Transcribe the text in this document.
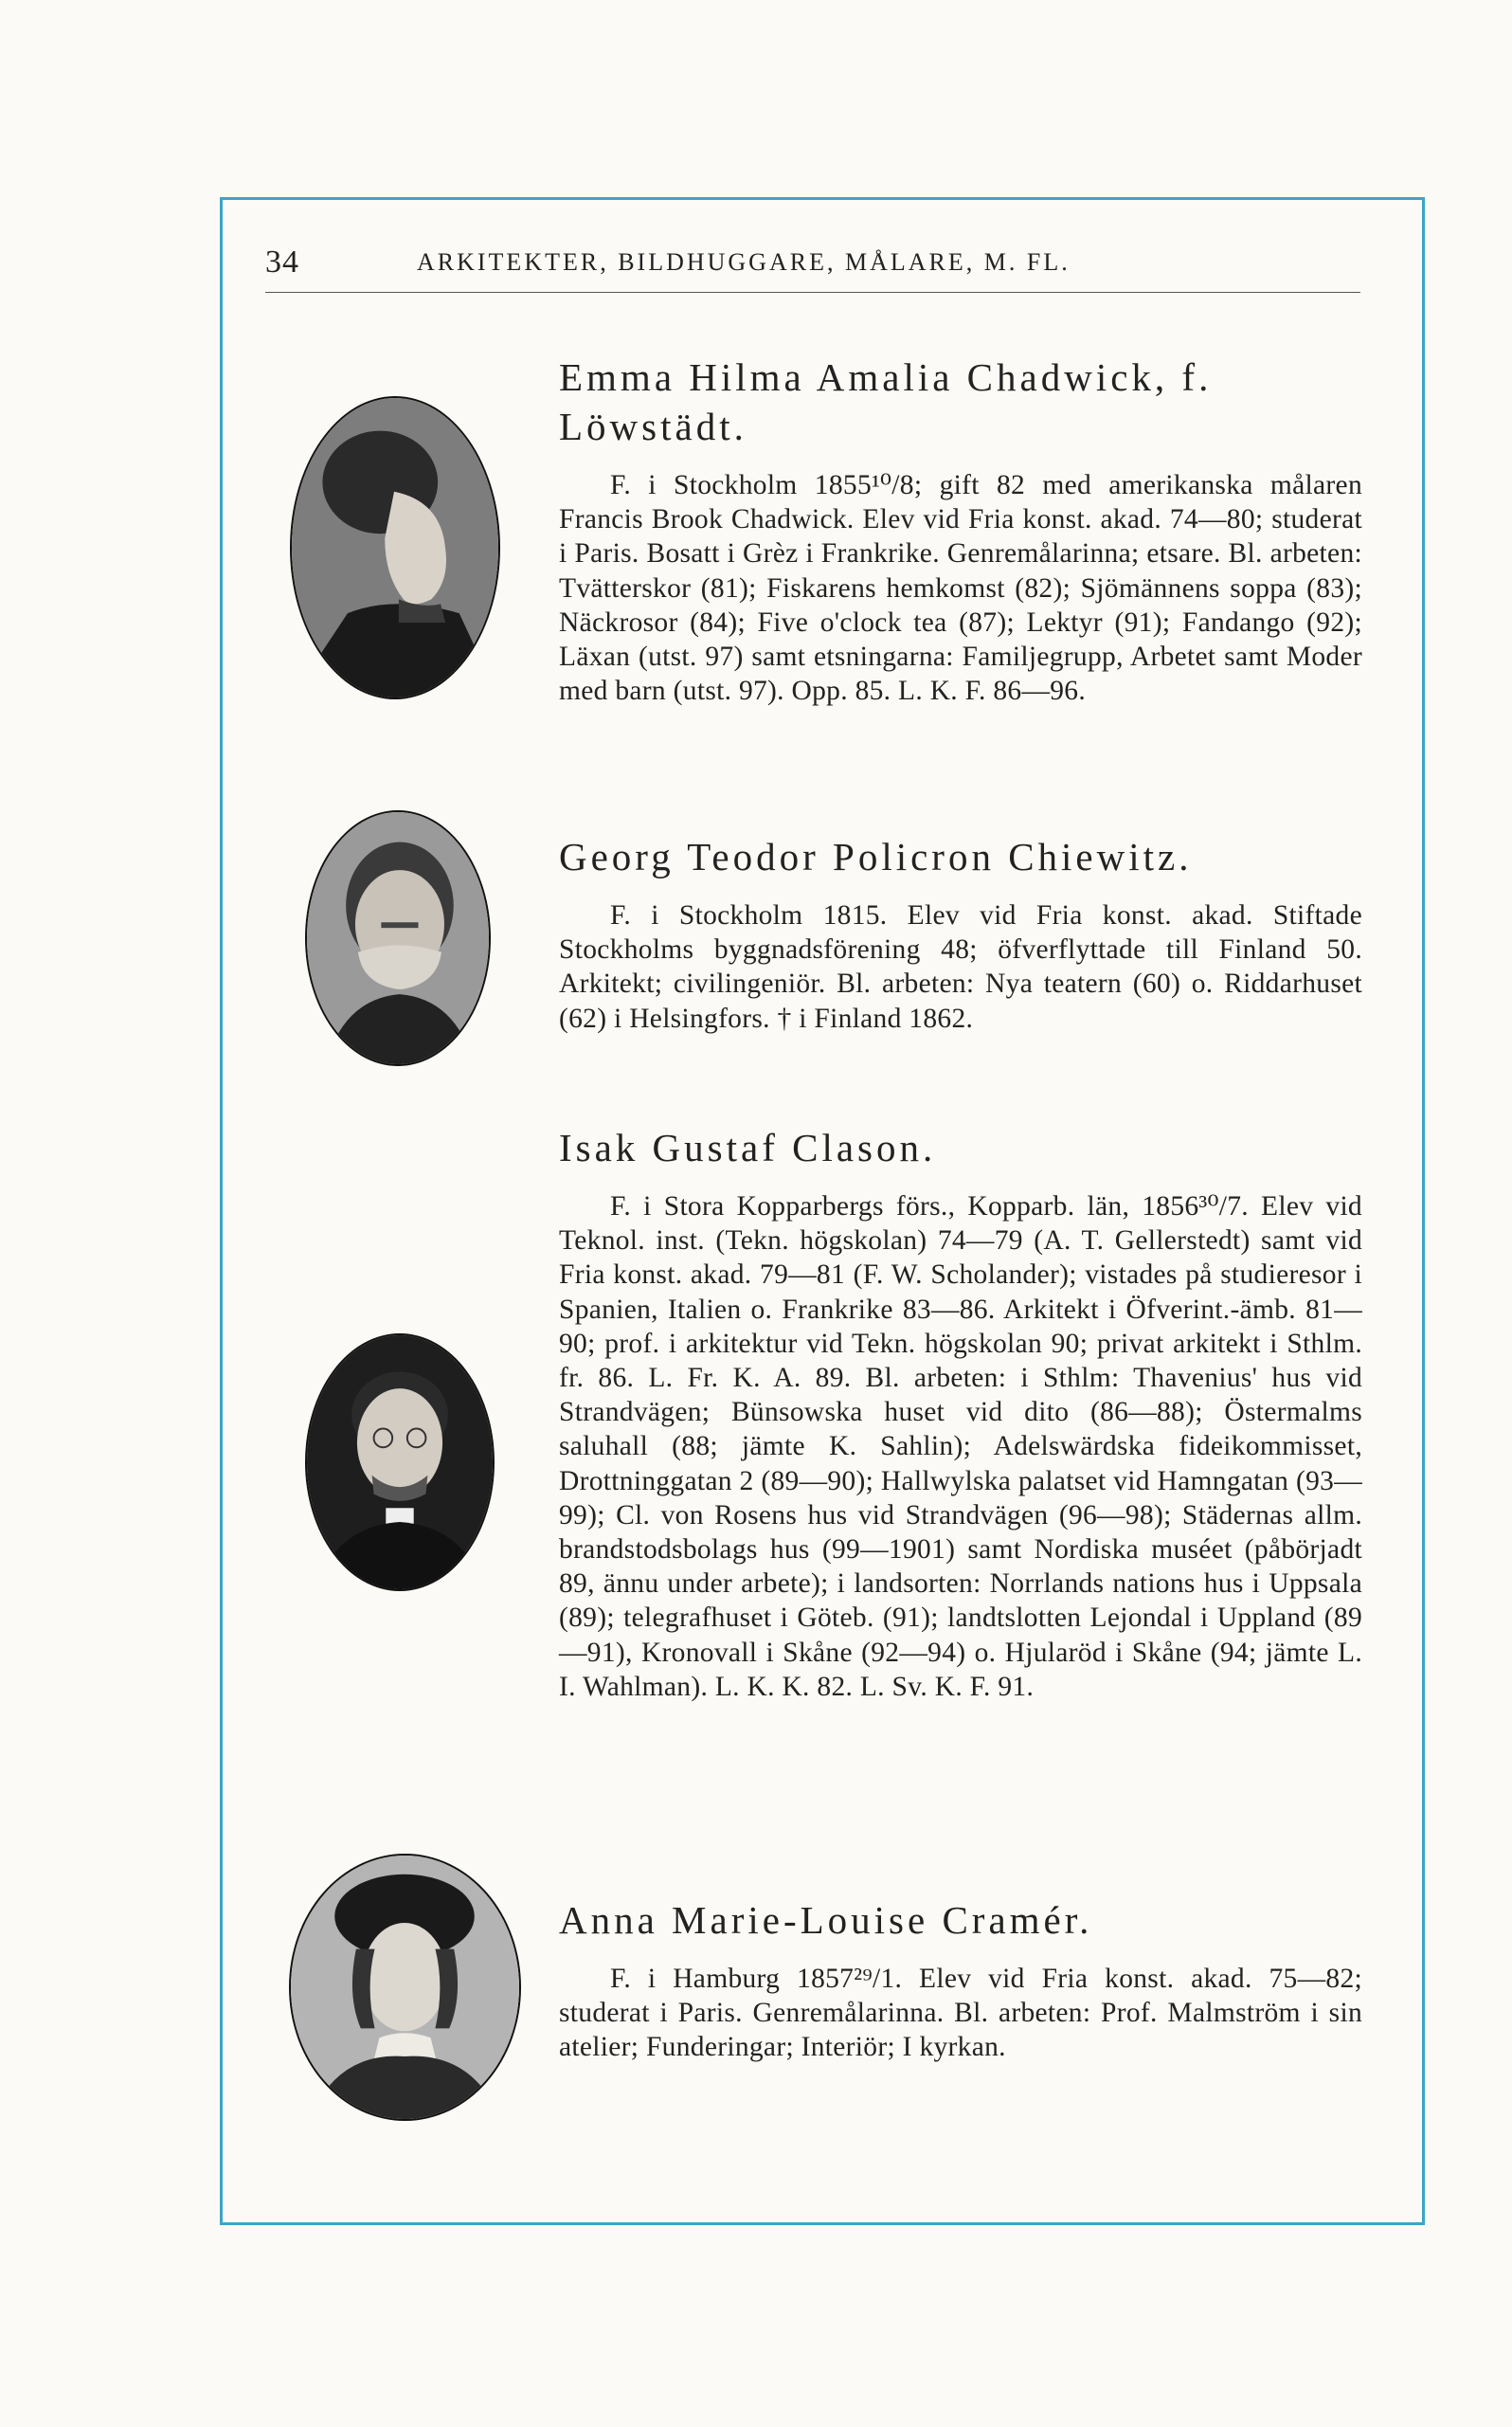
34	ARKITEKTER, BILDHUGGARE, MÅLARE, M. FL.
Emma Hilma Amalia Chadwick, f. Löwstädt.

F. i Stockholm 1855¹⁰/8; gift 82 med amerikanska målaren Francis Brook Chadwick. Elev vid Fria konst. akad. 74—80; studerat i Paris. Bosatt i Grèz i Frankrike. Genremålarinna; etsare. Bl. arbeten: Tvätterskor (81); Fiskarens hemkomst (82); Sjömännens soppa (83); Näckrosor (84); Five o'clock tea (87); Lektyr (91); Fandango (92); Läxan (utst. 97) samt etsningarna: Familjegrupp, Arbetet samt Moder med barn (utst. 97). Opp. 85. L. K. F. 86—96.

Georg Teodor Policron Chiewitz.

F. i Stockholm 1815. Elev vid Fria konst. akad. Stiftade Stockholms byggnadsförening 48; öfverflyttade till Finland 50. Arkitekt; civilingeniör. Bl. arbeten: Nya teatern (60) o. Riddarhuset (62) i Helsingfors. † i Finland 1862.

Isak Gustaf Clason.

F. i Stora Kopparbergs förs., Kopparb. län, 1856³⁰/7. Elev vid Teknol. inst. (Tekn. högskolan) 74—79 (A. T. Gellerstedt) samt vid Fria konst. akad. 79—81 (F. W. Scholander); vistades på studieresor i Spanien, Italien o. Frankrike 83—86. Arkitekt i Öfverint.-ämb. 81—90; prof. i arkitektur vid Tekn. högskolan 90; privat arkitekt i Sthlm. fr. 86. L. Fr. K. A. 89. Bl. arbeten: i Sthlm: Thavenius' hus vid Strandvägen; Bünsowska huset vid dito (86—88); Östermalms saluhall (88; jämte K. Sahlin); Adelswärdska fideikommisset, Drottninggatan 2 (89—90); Hallwylska palatset vid Hamngatan (93—99); Cl. von Rosens hus vid Strandvägen (96—98); Städernas allm. brandstodsbolags hus (99—1901) samt Nordiska muséet (påbörjadt 89, ännu under arbete); i landsorten: Norrlands nations hus i Uppsala (89); telegrafhuset i Göteb. (91); landtslotten Lejondal i Uppland (89—91), Kronovall i Skåne (92—94) o. Hjularöd i Skåne (94; jämte L. I. Wahlman). L. K. K. 82. L. Sv. K. F. 91.

Anna Marie-Louise Cramér.

F. i Hamburg 1857²⁹/1. Elev vid Fria konst. akad. 75—82; studerat i Paris. Genremålarinna. Bl. arbeten: Prof. Malmström i sin atelier; Funderingar; Interiör; I kyrkan.
